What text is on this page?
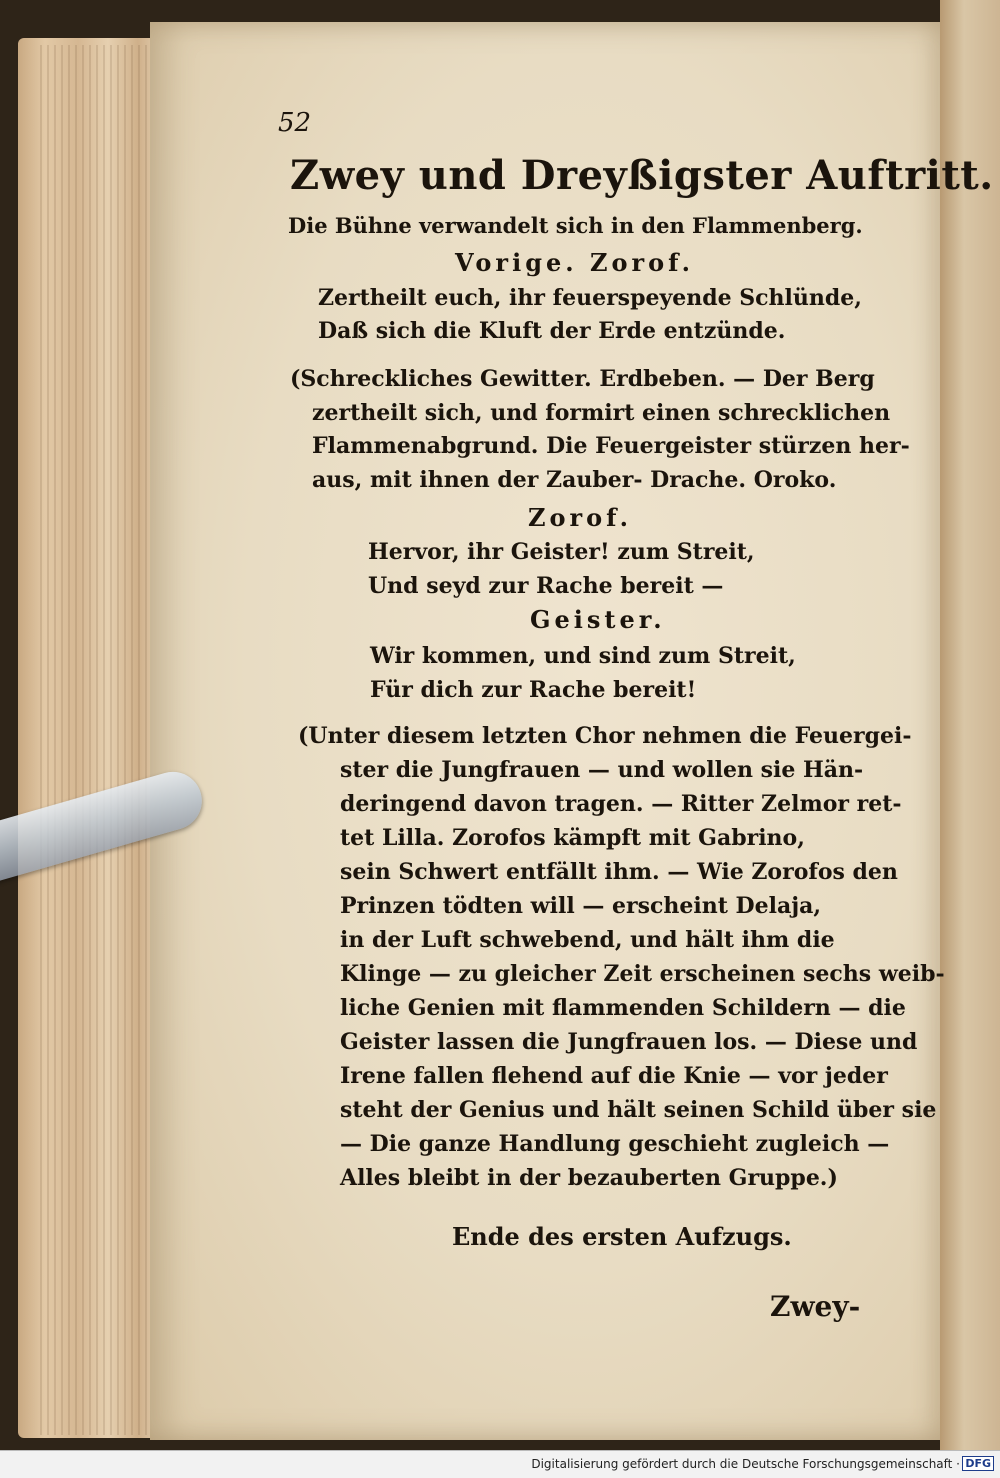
52
Zwey und Dreyßigster Auftritt.
Die Bühne verwandelt sich in den Flammenberg.
Vorige. Zorof.
Zertheilt euch, ihr feuerspeyende Schlünde,
Daß sich die Kluft der Erde entzünde.
(Schreckliches Gewitter. Erdbeben. — Der Berg
zertheilt sich, und formirt einen schrecklichen
Flammenabgrund. Die Feuergeister stürzen her-
aus, mit ihnen der Zauber- Drache. Oroko.
Zorof.
Hervor, ihr Geister! zum Streit,
Und seyd zur Rache bereit —
Geister.
Wir kommen, und sind zum Streit,
Für dich zur Rache bereit!
(Unter diesem letzten Chor nehmen die Feuergei-
ster die Jungfrauen — und wollen sie Hän-
deringend davon tragen. — Ritter Zelmor ret-
tet Lilla. Zorofos kämpft mit Gabrino,
sein Schwert entfällt ihm. — Wie Zorofos den
Prinzen tödten will — erscheint Delaja,
in der Luft schwebend, und hält ihm die
Klinge — zu gleicher Zeit erscheinen sechs weib-
liche Genien mit flammenden Schildern — die
Geister lassen die Jungfrauen los. — Diese und
Irene fallen flehend auf die Knie — vor jeder
steht der Genius und hält seinen Schild über sie
— Die ganze Handlung geschieht zugleich —
Alles bleibt in der bezauberten Gruppe.)
Ende des ersten Aufzugs.
Zwey-
Digitalisierung gefördert durch die Deutsche Forschungsgemeinschaft · DFG
